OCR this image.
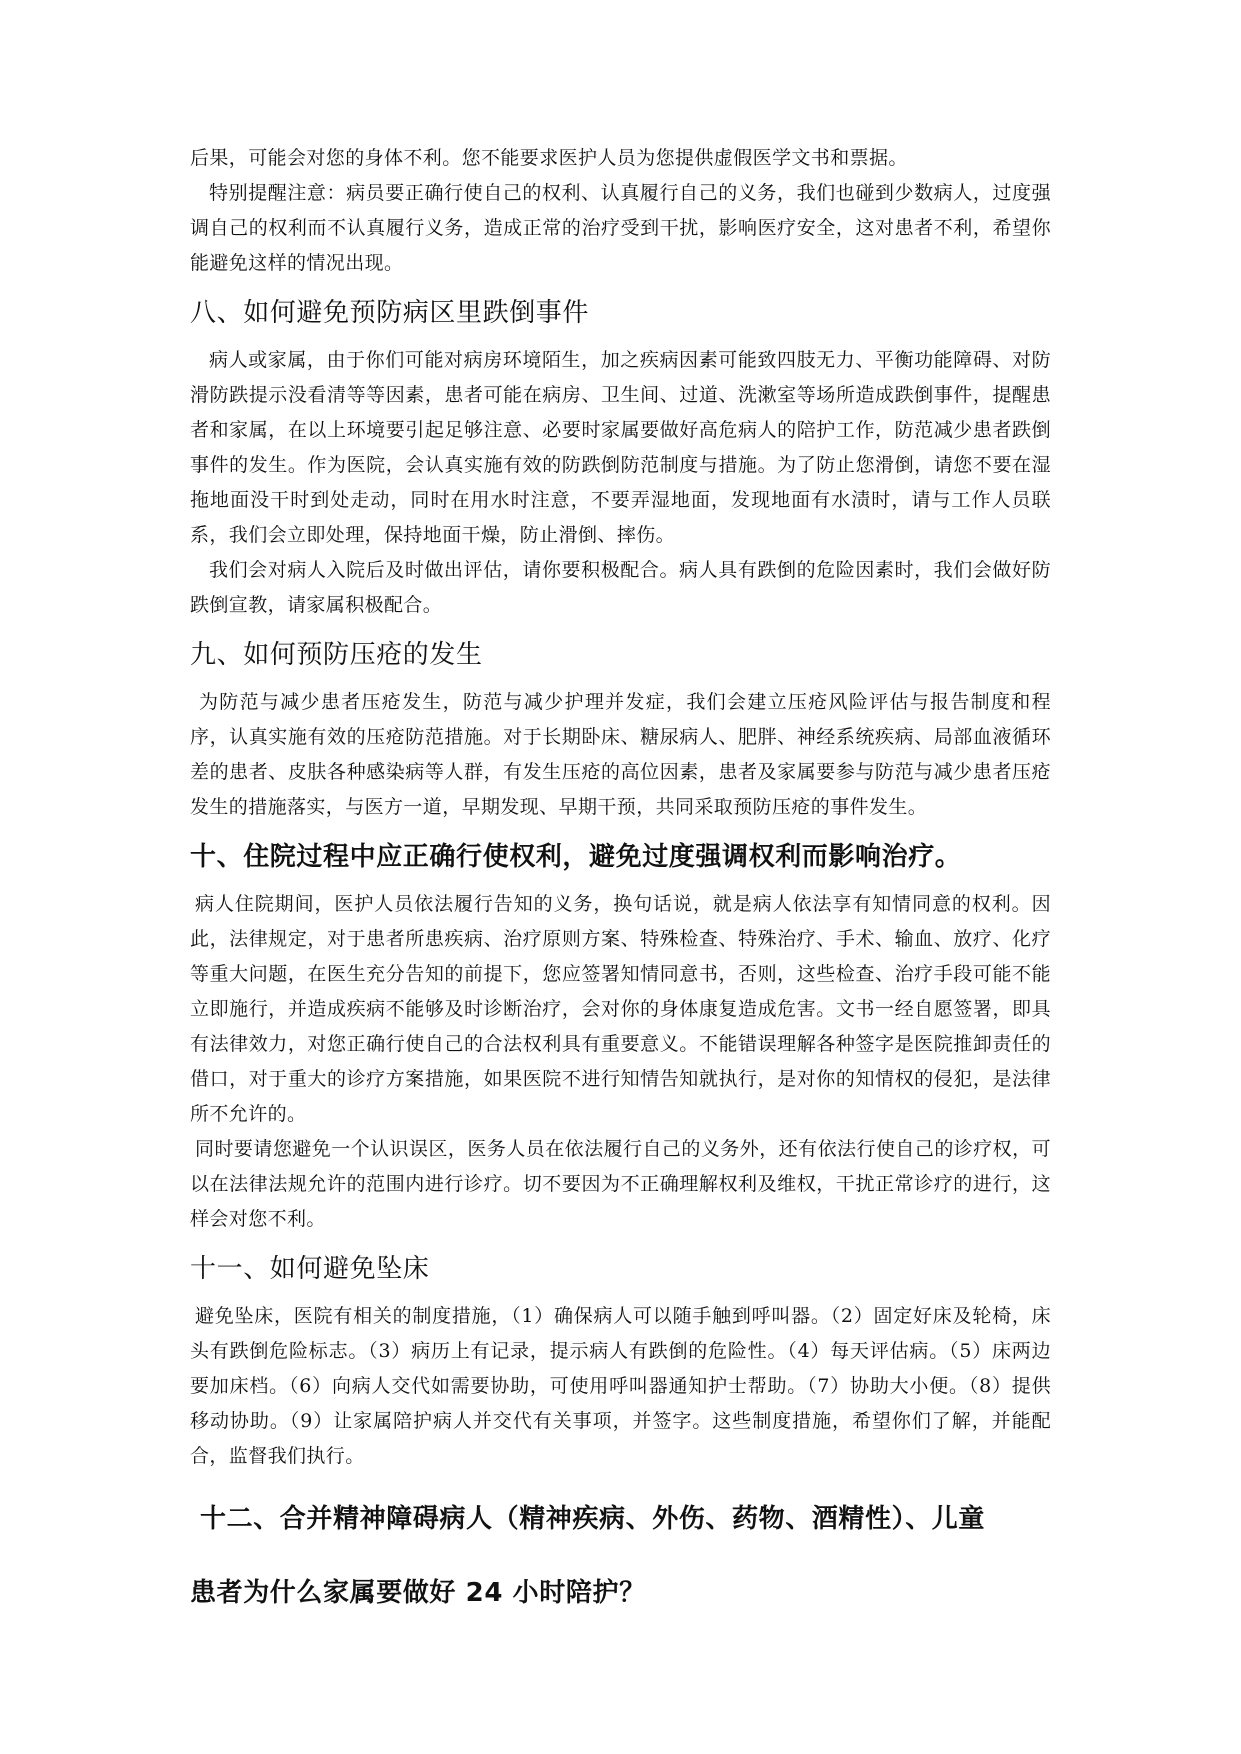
后果，可能会对您的身体不利。您不能要求医护人员为您提供虚假医学文书和票据。

特别提醒注意：病员要正确行使自己的权利、认真履行自己的义务，我们也碰到少数病人，过度强调自己的权利而不认真履行义务，造成正常的治疗受到干扰，影响医疗安全，这对患者不利，希望你能避免这样的情况出现。

八、如何避免预防病区里跌倒事件

病人或家属，由于你们可能对病房环境陌生，加之疾病因素可能致四肢无力、平衡功能障碍、对防滑防跌提示没看清等等因素，患者可能在病房、卫生间、过道、洗漱室等场所造成跌倒事件，提醒患者和家属，在以上环境要引起足够注意、必要时家属要做好高危病人的陪护工作，防范减少患者跌倒事件的发生。作为医院，会认真实施有效的防跌倒防范制度与措施。为了防止您滑倒，请您不要在湿拖地面没干时到处走动，同时在用水时注意，不要弄湿地面，发现地面有水渍时，请与工作人员联系，我们会立即处理，保持地面干燥，防止滑倒、摔伤。

我们会对病人入院后及时做出评估，请你要积极配合。病人具有跌倒的危险因素时，我们会做好防跌倒宣教，请家属积极配合。

九、如何预防压疮的发生

为防范与减少患者压疮发生，防范与减少护理并发症，我们会建立压疮风险评估与报告制度和程序，认真实施有效的压疮防范措施。对于长期卧床、糖尿病人、肥胖、神经系统疾病、局部血液循环差的患者、皮肤各种感染病等人群，有发生压疮的高位因素，患者及家属要参与防范与减少患者压疮发生的措施落实，与医方一道，早期发现、早期干预，共同采取预防压疮的事件发生。

十、住院过程中应正确行使权利，避免过度强调权利而影响治疗。

病人住院期间，医护人员依法履行告知的义务，换句话说，就是病人依法享有知情同意的权利。因此，法律规定，对于患者所患疾病、治疗原则方案、特殊检查、特殊治疗、手术、输血、放疗、化疗等重大问题，在医生充分告知的前提下，您应签署知情同意书，否则，这些检查、治疗手段可能不能立即施行，并造成疾病不能够及时诊断治疗，会对你的身体康复造成危害。文书一经自愿签署，即具有法律效力，对您正确行使自己的合法权利具有重要意义。不能错误理解各种签字是医院推卸责任的借口，对于重大的诊疗方案措施，如果医院不进行知情告知就执行，是对你的知情权的侵犯，是法律所不允许的。

同时要请您避免一个认识误区，医务人员在依法履行自己的义务外，还有依法行使自己的诊疗权，可以在法律法规允许的范围内进行诊疗。切不要因为不正确理解权利及维权，干扰正常诊疗的进行，这样会对您不利。

十一、如何避免坠床

避免坠床，医院有相关的制度措施，（1）确保病人可以随手触到呼叫器。（2）固定好床及轮椅，床头有跌倒危险标志。（3）病历上有记录，提示病人有跌倒的危险性。（4）每天评估病。（5）床两边要加床档。（6）向病人交代如需要协助，可使用呼叫器通知护士帮助。（7）协助大小便。（8）提供移动协助。（9）让家属陪护病人并交代有关事项，并签字。这些制度措施，希望你们了解，并能配合，监督我们执行。

十二、合并精神障碍病人（精神疾病、外伤、药物、酒精性）、儿童
患者为什么家属要做好 24 小时陪护？
